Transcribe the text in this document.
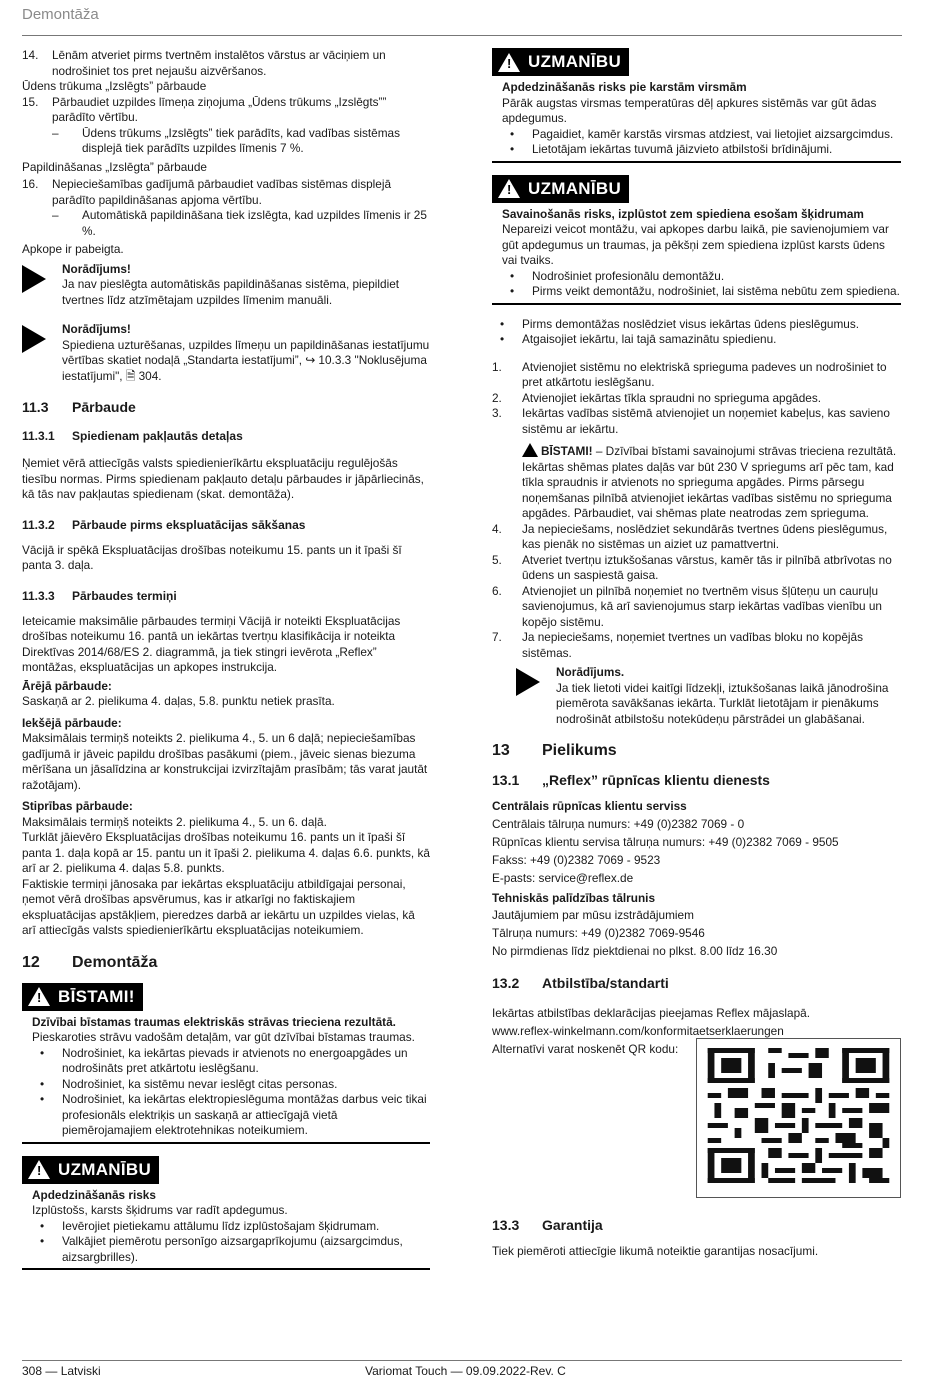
Demontāža
14.	Lēnām atveriet pirms tvertnēm instalētos vārstus ar vāciņiem un nodrošiniet tos pret nejaušu aizvēršanos.

Ūdens trūkuma „Izslēgts” pārbaude

15.	Pārbaudiet uzpildes līmeņa ziņojuma „Ūdens trūkums „Izslēgts”” parādīto vērtību.
–	Ūdens trūkums „Izslēgts” tiek parādīts, kad vadības sistēmas displejā tiek parādīts uzpildes līmenis 7 %.

Papildināšanas „Izslēgta” pārbaude

16.	Nepieciešamības gadījumā pārbaudiet vadības sistēmas displejā parādīto papildināšanas apjoma vērtību.
–	Automātiskā papildināšana tiek izslēgta, kad uzpildes līmenis ir 25 %.

Apkope ir pabeigta.

Norādījums!
Ja nav pieslēgta automātiskās papildināšanas sistēma, piepildiet tvertnes līdz atzīmētajam uzpildes līmenim manuāli.
Norādījums!
Spiediena uzturēšanas, uzpildes līmeņu un papildināšanas iestatījumu vērtības skatiet nodaļā „Standarta iestatījumi”, ↪ 10.3.3 "Noklusējuma iestatījumi", 🗎 304.
11.3	Pārbaude
11.3.1	Spiedienam pakļautās detaļas

Ņemiet vērā attiecīgās valsts spiedienierīkārtu ekspluatāciju regulējošās tiesību normas. Pirms spiedienam pakļauto detaļu pārbaudes ir jāpārliecinās, kā tās nav pakļautas spiedienam (skat. demontāža).

11.3.2	Pārbaude pirms ekspluatācijas sākšanas

Vācijā ir spēkā Ekspluatācijas drošības noteikumu 15. pants un it īpaši šī panta 3. daļa.

11.3.3	Pārbaudes termiņi

Ieteicamie maksimālie pārbaudes termiņi Vācijā ir noteikti Ekspluatācijas drošības noteikumu 16. pantā un iekārtas tvertņu klasifikācija ir noteikta Direktīvas 2014/68/ES 2. diagrammā, ja tiek stingri ievērota „Reflex” montāžas, ekspluatācijas un apkopes instrukcija.

Ārējā pārbaude:

Saskaņā ar 2. pielikuma 4. daļas, 5.8. punktu netiek prasīta.

Iekšējā pārbaude:

Maksimālais termiņš noteikts 2. pielikuma 4., 5. un 6 daļā; nepieciešamības gadījumā ir jāveic papildu drošības pasākumi (piem., jāveic sienas biezuma mērīšana un jāsalīdzina ar konstrukcijai izvirzītajām prasībām; tās varat jautāt ražotājam).

Stiprības pārbaude:

Maksimālais termiņš noteikts 2. pielikuma 4., 5. un 6. daļā.

Turklāt jāievēro Ekspluatācijas drošības noteikumu 16. pants un it īpaši šī panta 1. daļa kopā ar 15. pantu un it īpaši 2. pielikuma 4. daļas 6.6. punkts, kā arī ar 2. pielikuma 4. daļas 5.8. punkts.

Faktiskie termiņi jānosaka par iekārtas ekspluatāciju atbildīgajai personai, ņemot vērā drošības apsvērumus, kas ir atkarīgi no faktiskajiem ekspluatācijas apstākļiem, pieredzes darbā ar iekārtu un uzpildes vielas, kā arī attiecīgās valsts spiedienierīkārtu ekspluatācijas noteikumiem.

12	Demontāža
! BĪSTAMI!

Dzīvībai bīstamas traumas elektriskās strāvas trieciena rezultātā.

Pieskaroties strāvu vadošām detaļām, var gūt dzīvībai bīstamas traumas.

•	Nodrošiniet, ka iekārtas pievads ir atvienots no energoapgādes un nodrošināts pret atkārtotu ieslēgšanu.
•	Nodrošiniet, ka sistēmu nevar ieslēgt citas personas.
•	Nodrošiniet, ka iekārtas elektropieslēguma montāžas darbus veic tikai profesionāls elektriķis un saskaņā ar attiecīgajā vietā piemērojamajiem elektrotehnikas noteikumiem.
! UZMANĪBU

Apdedzināšanās risks

Izplūstošs, karsts šķidrums var radīt apdegumus.

•	Ievērojiet pietiekamu attālumu līdz izplūstošajam šķidrumam.
•	Valkājiet piemērotu personīgo aizsargaprīkojumu (aizsargcimdus, aizsargbrilles).
! UZMANĪBU

Apdedzināšanās risks pie karstām virsmām

Pārāk augstas virsmas temperatūras dēļ apkures sistēmās var gūt ādas apdegumus.

•	Pagaidiet, kamēr karstās virsmas atdziest, vai lietojiet aizsargcimdus.
•	Lietotājam iekārtas tuvumā jāizvieto atbilstoši brīdinājumi.
! UZMANĪBU

Savainošanās risks, izplūstot zem spiediena esošam šķidrumam

Nepareizi veicot montāžu, vai apkopes darbu laikā, pie savienojumiem var gūt apdegumus un traumas, ja pēkšņi zem spiediena izplūst karsts ūdens vai tvaiks.

•	Nodrošiniet profesionālu demontāžu.
•	Pirms veikt demontāžu, nodrošiniet, lai sistēma nebūtu zem spiediena.
•	Pirms demontāžas noslēdziet visus iekārtas ūdens pieslēgumus.
•	Atgaisojiet iekārtu, lai tajā samazinātu spiedienu.
1.	Atvienojiet sistēmu no elektriskā sprieguma padeves un nodrošiniet to pret atkārtotu ieslēgšanu.
2.	Atvienojiet iekārtas tīkla spraudni no sprieguma apgādes.
3.	Iekārtas vadības sistēmā atvienojiet un noņemiet kabeļus, kas savieno sistēmu ar iekārtu.
BĪSTAMI! – Dzīvībai bīstami savainojumi strāvas trieciena rezultātā. Iekārtas shēmas plates daļās var būt 230 V spriegums arī pēc tam, kad tīkla spraudnis ir atvienots no sprieguma apgādes. Pirms pārsegu noņemšanas pilnībā atvienojiet iekārtas vadības sistēmu no sprieguma apgādes. Pārbaudiet, vai shēmas plate neatrodas zem sprieguma.
4.	Ja nepieciešams, noslēdziet sekundārās tvertnes ūdens pieslēgumus, kas pienāk no sistēmas un aiziet uz pamattvertni.
5.	Atveriet tvertņu iztukšošanas vārstus, kamēr tās ir pilnībā atbrīvotas no ūdens un saspiestā gaisa.
6.	Atvienojiet un pilnībā noņemiet no tvertnēm visus šļūteņu un cauruļu savienojumus, kā arī savienojumus starp iekārtas vadības vienību un kopējo sistēmu.
7.	Ja nepieciešams, noņemiet tvertnes un vadības bloku no kopējās sistēmas.
Norādījums.
Ja tiek lietoti videi kaitīgi līdzekļi, iztukšošanas laikā jānodrošina piemērota savākšanas iekārta. Turklāt lietotājam ir pienākums nodrošināt atbilstošu notekūdeņu pārstrādei un glabāšanai.
13	Pielikums
13.1	„Reflex” rūpnīcas klientu dienests

Centrālais rūpnīcas klientu serviss

Centrālais tālruņa numurs: +49 (0)2382 7069 - 0

Rūpnīcas klientu servisa tālruņa numurs: +49 (0)2382 7069 - 9505

Fakss: +49 (0)2382 7069 - 9523

E-pasts: service@reflex.de

Tehniskās palīdzības tālrunis

Jautājumiem par mūsu izstrādājumiem

Tālruņa numurs: +49 (0)2382 7069-9546

No pirmdienas līdz piektdienai no plkst. 8.00 līdz 16.30

13.2	Atbilstība/standarti

Iekārtas atbilstības deklarācijas pieejamas Reflex mājaslapā.

www.reflex-winkelmann.com/konformitaetserklaerungen

Alternatīvi varat noskenēt QR kodu:

13.3	Garantija

Tiek piemēroti attiecīgie likumā noteiktie garantijas nosacījumi.

308 — Latviski	Variomat Touch — 09.09.2022-Rev. C
